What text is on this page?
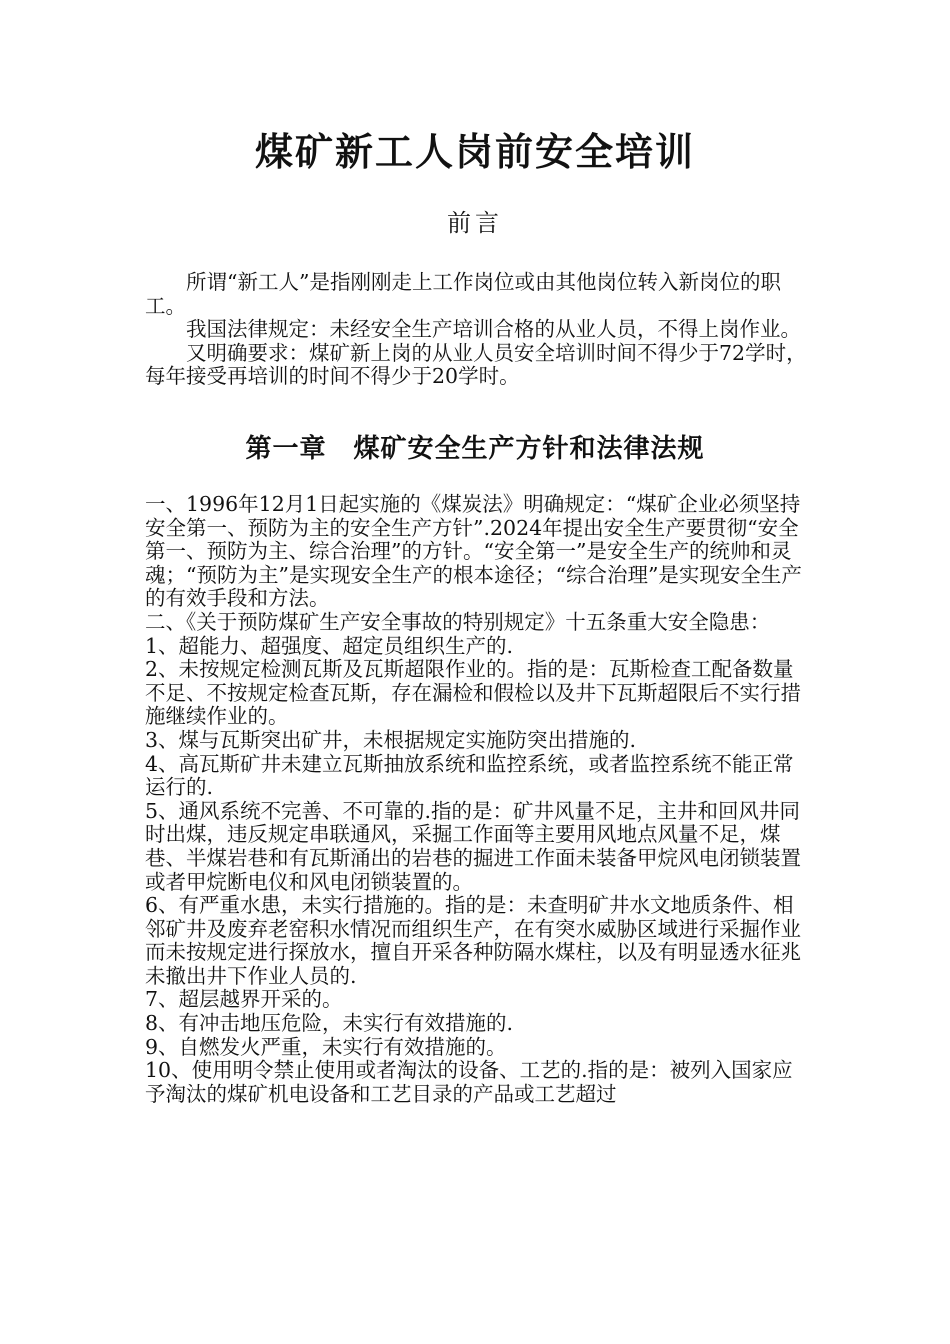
煤矿新工人岗前安全培训
前言

所谓“新工人”是指刚刚走上工作岗位或由其他岗位转入新岗位的职工。

我国法律规定：未经安全生产培训合格的从业人员，不得上岗作业。

又明确要求：煤矿新上岗的从业人员安全培训时间不得少于72学时，每年接受再培训的时间不得少于20学时。

第一章　煤矿安全生产方针和法律法规

一、1996年12月1日起实施的《煤炭法》明确规定：“煤矿企业必须坚持安全第一、预防为主的安全生产方针”.2024年提出安全生产要贯彻“安全第一、预防为主、综合治理”的方针。“安全第一”是安全生产的统帅和灵魂；“预防为主”是实现安全生产的根本途径；“综合治理”是实现安全生产的有效手段和方法。

二、《关于预防煤矿生产安全事故的特别规定》十五条重大安全隐患：

1、超能力、超强度、超定员组织生产的.

2、未按规定检测瓦斯及瓦斯超限作业的。指的是：瓦斯检查工配备数量不足、不按规定检查瓦斯，存在漏检和假检以及井下瓦斯超限后不实行措施继续作业的。

3、煤与瓦斯突出矿井，未根据规定实施防突出措施的.

4、高瓦斯矿井未建立瓦斯抽放系统和监控系统，或者监控系统不能正常运行的.

5、通风系统不完善、不可靠的.指的是：矿井风量不足，主井和回风井同时出煤，违反规定串联通风，采掘工作面等主要用风地点风量不足，煤巷、半煤岩巷和有瓦斯涌出的岩巷的掘进工作面未装备甲烷风电闭锁装置或者甲烷断电仪和风电闭锁装置的。

6、有严重水患，未实行措施的。指的是：未查明矿井水文地质条件、相邻矿井及废弃老窑积水情况而组织生产，在有突水威胁区域进行采掘作业而未按规定进行探放水，擅自开采各种防隔水煤柱，以及有明显透水征兆未撤出井下作业人员的.

7、超层越界开采的。

8、有冲击地压危险，未实行有效措施的.

9、自燃发火严重，未实行有效措施的。

10、使用明令禁止使用或者淘汰的设备、工艺的.指的是：被列入国家应予淘汰的煤矿机电设备和工艺目录的产品或工艺超过
